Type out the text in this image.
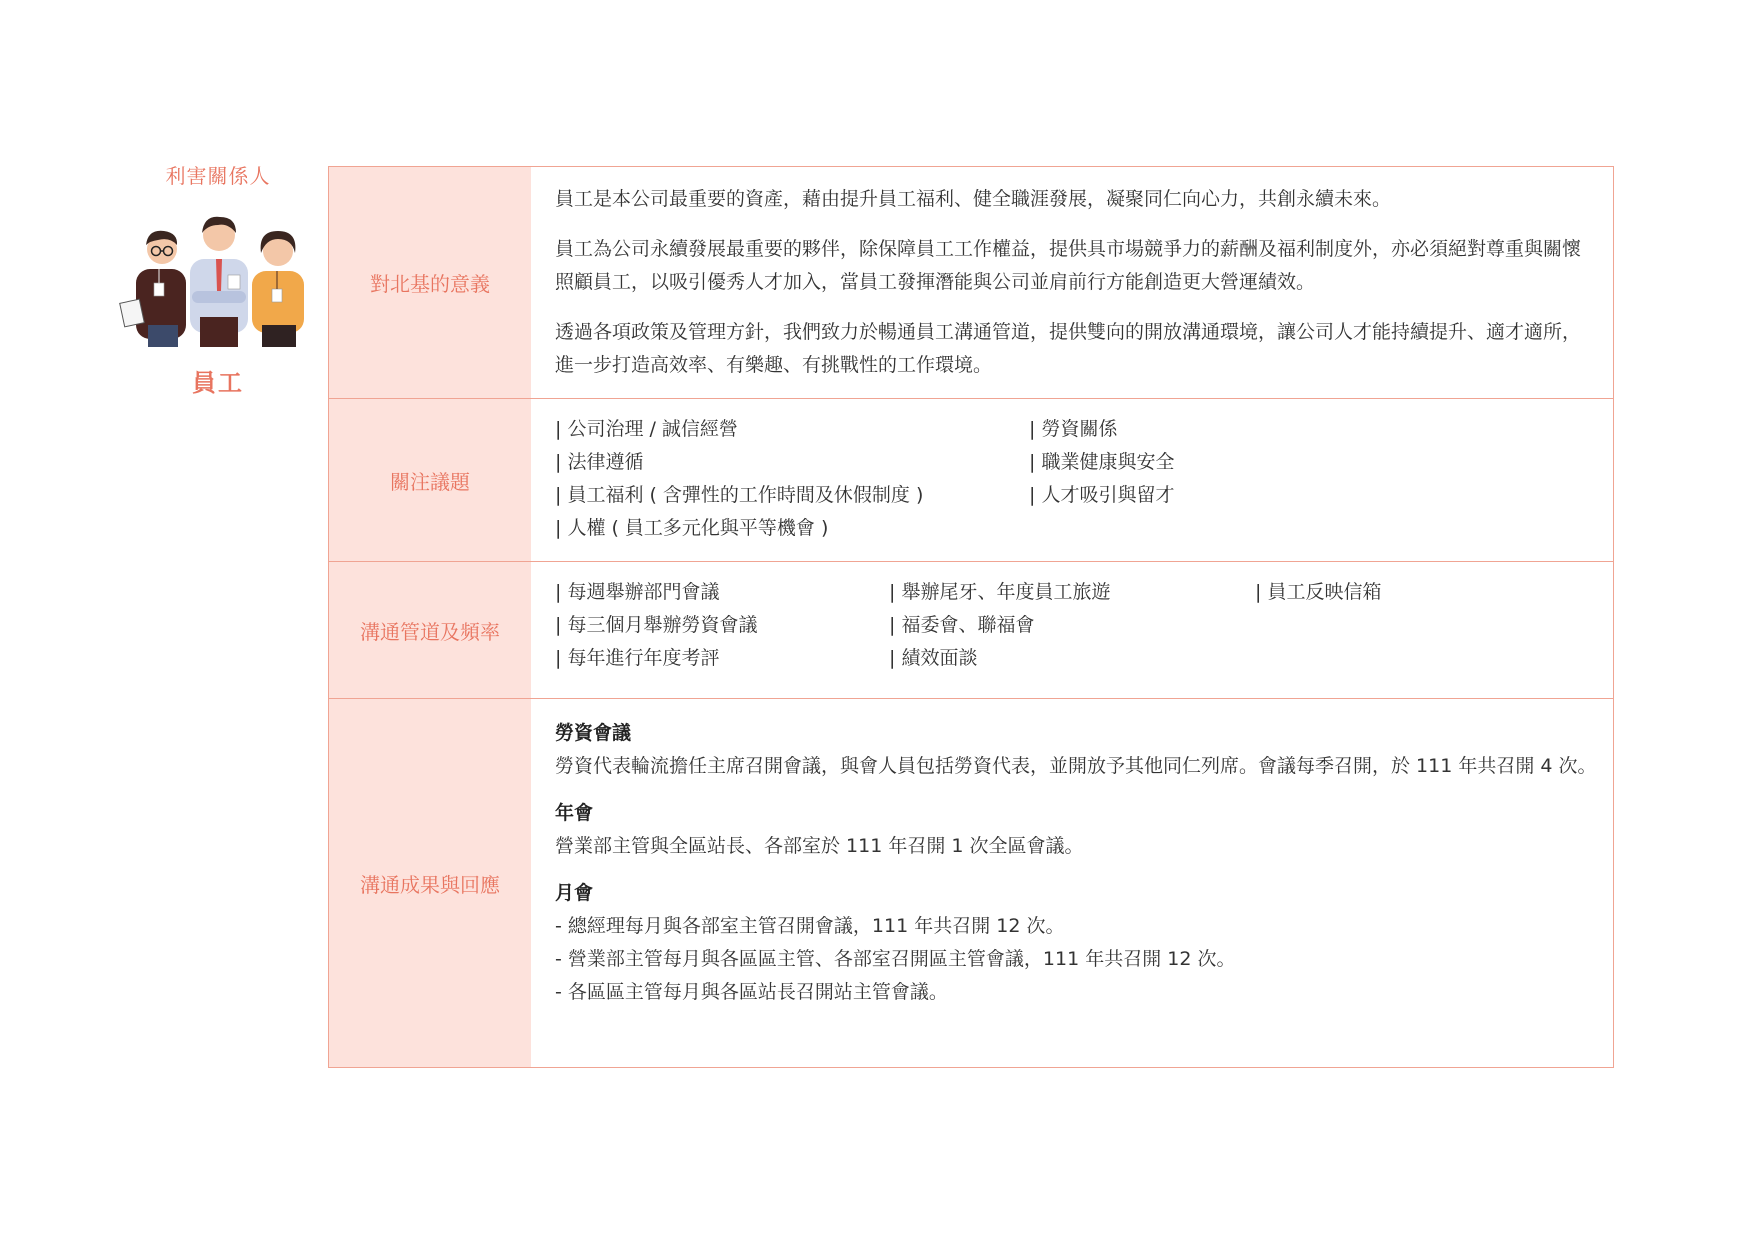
利害關係人
員工
對北基的意義

員工是本公司最重要的資產，藉由提升員工福利、健全職涯發展，凝聚同仁向心力，共創永續未來。

員工為公司永續發展最重要的夥伴，除保障員工工作權益，提供具市場競爭力的薪酬及福利制度外，亦必須絕對尊重與關懷照顧員工，以吸引優秀人才加入，當員工發揮潛能與公司並肩前行方能創造更大營運績效。

透過各項政策及管理方針，我們致力於暢通員工溝通管道，提供雙向的開放溝通環境，讓公司人才能持續提升、適才適所，進一步打造高效率、有樂趣、有挑戰性的工作環境。

關注議題
| 公司治理 / 誠信經營
| 法律遵循
| 員工福利 ( 含彈性的工作時間及休假制度 )
| 人權 ( 員工多元化與平等機會 )
| 勞資關係
| 職業健康與安全
| 人才吸引與留才
溝通管道及頻率
| 每週舉辦部門會議
| 每三個月舉辦勞資會議
| 每年進行年度考評
| 舉辦尾牙、年度員工旅遊
| 福委會、聯福會
| 績效面談
| 員工反映信箱
溝通成果與回應
勞資會議
勞資代表輪流擔任主席召開會議，與會人員包括勞資代表，並開放予其他同仁列席。會議每季召開，於 111 年共召開 4 次。
年會
營業部主管與全區站長、各部室於 111 年召開 1 次全區會議。
月會
- 總經理每月與各部室主管召開會議，111 年共召開 12 次。
- 營業部主管每月與各區區主管、各部室召開區主管會議，111 年共召開 12 次。
- 各區區主管每月與各區站長召開站主管會議。
